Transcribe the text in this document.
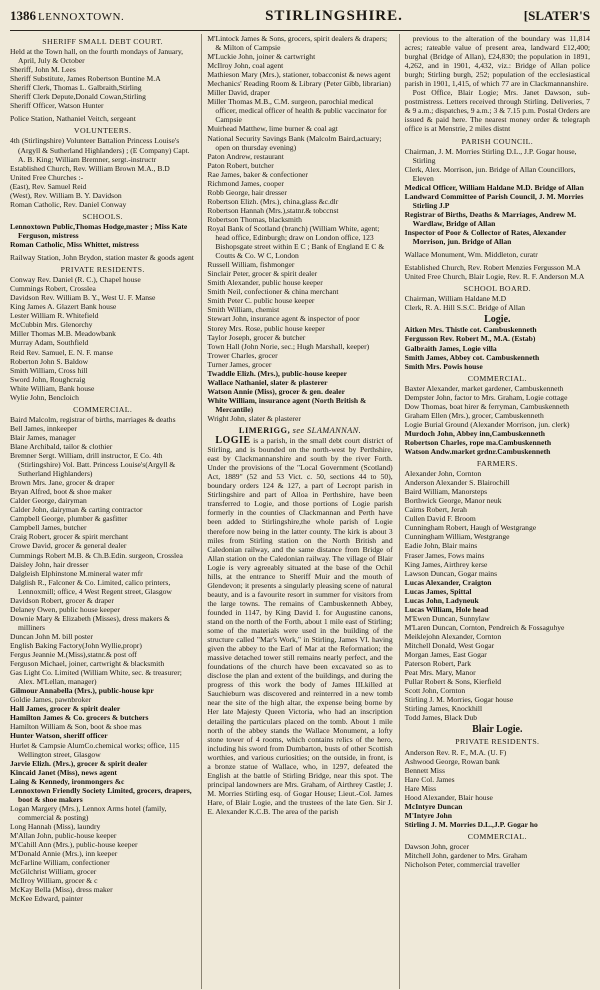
1386 LENNOXTOWN.	STIRLINGSHIRE.	[SLATER'S
SHERIFF SMALL DEBT COURT.
Held at the Town hall, on the fourth mondays of January, April, July & October
Sheriff, John M. Lees
Sheriff Substitute, James Robertson Buntine M.A
Sheriff Clerk, Thomas L. Galbraith,Stirling
Sheriff Clerk Depute,Donald Cowan,Stirling
Sheriff Officer, Watson Hunter
Police Station, Nathaniel Veitch, sergeant
VOLUNTEERS.
4th (Stirlingshire) Volunteer Battalion Princess Louise's (Argyll & Sutherland Highlanders) ; (E Company) Capt. A. B. King; William Bremner, sergt.-instructr
Established Church, Rev. William Brown M.A., B.D
United Free Churches :-
(East), Rev. Samuel Reid
(West), Rev. William B. Y. Davidson
Roman Catholic, Rev. Daniel Conway
SCHOOLS.
Lennoxtown Public,Thomas Hodge,master ; Miss Kate Ferguson, mistress
Roman Catholic, Miss Whittet, mistress
Railway Station, John Brydon, station master & goods agent
PRIVATE RESIDENTS.
Conway Rev. Daniel (R. C.), Chapel house
Cummings Robert, Crosslea
Davidson Rev. William B. Y., West U. F. Manse
King James A. Glazert Bank house
Lester William R. Whitefield
McCubbin Mrs. Glenorchy
Miller Thomas M.B. Meadowbank
Murray Adam, Southfield
Reid Rev. Samuel, E. N. F. manse
Roberton John S. Baldow
Smith William, Cross hill
Sword John, Roughcraig
White William, Bank house
Wylie John, Bencloich
COMMERCIAL.
Baird Malcolm, registrar of births, marriages & deaths
Bell James, innkeeper
Blair James, manager
Blane Archibald, tailor & clothier
Bremner Sergt. William, drill instructor, E Co. 4th (Stirlingshire) Vol. Batt. Princess Louise's(Argyll & Sutherland Highlanders)
Brown Mrs. Jane, grocer & draper
Bryan Alfred, boot & shoe maker
Calder George, dairyman
Calder John, dairyman & carting contractor
Campbell George, plumber & gasfitter
Campbell James, butcher
Craig Robert, grocer & spirit merchant
Crowe David, grocer & general dealer
Cummings Robert M.B. & Ch.B.Edin. surgeon, Crosslea
Daisley John, hair dresser
Dalgleish Elphinstone M.mineral water mfr
Dalglish R., Falconer & Co. Limited, calico printers, Lennoxmill; office, 4 West Regent street, Glasgow
Davidson Robert, grocer & draper
Delaney Owen, public house keeper
Downie Mary & Elizabeth (Misses), dress makers & milliners
Duncan John M. bill poster
English Baking Factory(John Wyllie,propr)
Fergus Jeannie M.(Miss),statnr.& post off
Ferguson Michael, joiner, cartwright & blacksmith
Gas Light Co. Limited (William White, sec. & treasurer; Alex. M'Lellan, manager)
Gilmour Annabella (Mrs.), public-house kpr
Goldie James, pawnbroker
Hall James, grocer & spirit dealer
Hamilton James & Co. grocers & butchers
Hamilton William & Son, boot & shoe mas
Hunter Watson, sheriff officer
Hurlet & Campsie AlumCo.chemical works; office, 115 Wellington street, Glasgow
Jarvie Elizh. (Mrs.), grocer & spirit dealer
Kincaid Janet (Miss), news agent
Laing & Kennedy, ironmongers &c
Lennoxtown Friendly Society Limited, grocers, drapers, boot & shoe makers
Logan Margery (Mrs.), Lennox Arms hotel (family, commercial & posting)
Long Hannah (Miss), laundry
M'Allan John, public-house keeper
M'Cahill Ann (Mrs.), public-house keeper
M'Donald Annie (Mrs.), inn keeper
McFarline William, confectioner
McGilchrist William, grocer
McIlroy William, grocer & c
McKay Bella (Miss), dress maker
McKee Edward, painter
M'Lintock James & Sons, grocers, spirit dealers & drapers; & Milton of Campsie
M'Luckie John, joiner & cartwright
McIlroy John, coal agent
Mathieson Mary (Mrs.), stationer, tobacconist & news agent
Mechanics' Reading Room & Library (Peter Gibb, librarian)
Miller David, draper
Miller Thomas M.B., C.M. surgeon, parochial medical officer, medical officer of health & public vaccinator for Campsie
Muirhead Matthew, lime burner & coal agt
National Security Savings Bank (Malcolm Baird,actuary; open on thursday evening)
Paton Andrew, restaurant
Paton Robert, butcher
Rae James, baker & confectioner
Richmond James, cooper
Robb George, hair dresser
Robertson Elizh. (Mrs.), china,glass &c.dlr
Robertson Hannah (Mrs.),statnr.& tobccnst
Robertson Thomas, blacksmith
Royal Bank of Scotland (branch) (William White, agent; head office, Edinburgh; draw on London office, 123 Bishopsgate street within E C ; Bank of England E C & Coutts & Co. W C, London
Russell William, fishmonger
Sinclair Peter, grocer & spirit dealer
Smith Alexander, public house keeper
Smith Neil, confectioner & china merchant
Smith Peter C. public house keeper
Smith William, chemist
Stewart John, insurance agent & inspector of poor
Storey Mrs. Rose, public house keeper
Taylor Joseph, grocer & butcher
Town Hall (John Norie, sec.; Hugh Marshall, keeper)
Trower Charles, grocer
Turner James, grocer
Twaddle Elizh. (Mrs.), public-house keeper
Wallace Nathaniel, slater & plasterer
Watson Annie (Miss), grocer & gen. dealer
White William, insurance agent (North British & Mercantile)
Wright John, slater & plasterer
LIMERIGG, see SLAMANNAN.
LOGIE is a parish, in the small debt court district of Stirling, and is bounded on the north-west by Perthshire, east by Clackmannanshire and south by the river Forth. Under the provisions of the "Local Government (Scotland) Act, 1889" (52 and 53 Vict. c. 50, sections 44 to 50), boundary orders 124 & 127, a part of Lecropt parish in Stirlingshire and part of Alloa in Perthshire, have been transferred to Logie, and those portions of Logie parish formerly in the counties of Clackmannan and Perth have been added to Stirlingshire,the whole parish of Logie therefore now being in the latter county. The kirk is about 3 miles from Stirling station on the North British and Caledonian railway, and the same distance from Bridge of Allan station on the Caledonian railway. The village of Blair Logie is very agreeably situated at the base of the Ochil hills, at the entrance to Sheriff Muir and the mouth of Glendevon; it presents a singularly pleasing scene of natural beauty, and is a favourite resort in summer for visitors from the large towns. The remains of Cambuskenneth Abbey, founded in 1147, by King David I. for Augustine canons, stand on the north of the Forth, about 1 mile east of Stirling; some of the materials were used in the building of the structure called "Mar's Work," in Stirling, James VI. having given the abbey to the Earl of Mar at the Reformation; the massive detached tower still remains nearly perfect, and the foundations of the church have been excavated so as to disclose the plan and extent of the buildings, and during the progress of this work the body of James III.killed at Sauchieburn was discovered and reinterred in a new tomb near the site of the high altar, the expense being borne by Her late Majesty Queen Victoria, who had an inscription detailing the particulars placed on the tomb. About 1 mile north of the abbey stands the Wallace Monument, a lofty stone tower of 4 rooms, which contains relics of the hero, including his sword from Dumbarton, busts of other Scottish worthies, and various curiosities; on the outside, in front, is a bronze statue of Wallace, who, in 1297, defeated the English at the battle of Stirling Bridge, near this spot. The principal landowners are Mrs. Graham, of Airthrey Castle; J. M. Morries Stirling esq. of Gogar House; Lieut.-Col. James Hare, of Blair Logie, and the trustees of the late Gen. Sir J. E. Alexander K.C.B. The area of the parish
previous to the alteration of the boundary was 11,814 acres; rateable value of present area, landward £12,400; burghal (Bridge of Allan), £24,830; the population in 1891, 4,262, and in 1901, 4,432, viz.: Bridge of Allan police burgh; Stirling burgh, 252; population of the ecclesiastical parish in 1901, 1,415, of which 77 are in Clackmannanshire.
Post Office, Blair Logie; Mrs. Janet Dawson, sub-postmistress. Letters received through Stirling. Deliveries, 7 & 9 a.m.; dispatches, 9 a.m.; 3 & 7.15 p.m. Postal Orders are issued & paid here. The nearest money order & telegraph office is at Menstrie, 2 miles distnt
PARISH COUNCIL.
Chairman, J. M. Morries Stirling D.L., J.P. Gogar house, Stirling
Clerk, Alex. Morrison, jun. Bridge of Allan Councillors, Eleven
Medical Officer, William Haldane M.D. Bridge of Allan
Landward Committee of Parish Council, J. M. Morries Stirling J.P
Registrar of Births, Deaths & Marriages, Andrew M. Wardlaw, Bridge of Allan
Inspector of Poor & Collector of Rates, Alexander Morrison, jun. Bridge of Allan
Wallace Monument, Wm. Middleton, curatr
Established Church, Rev. Robert Menzies Fergusson M.A
United Free Church, Blair Logie, Rev. R. F. Anderson M.A
SCHOOL BOARD.
Chairman, William Haldane M.D
Clerk, R. A. Hill S.S.C. Bridge of Allan
Logie.
Aitken Mrs. Thistle cot. Cambuskenneth
Fergusson Rev. Robert M., M.A. (Estab)
Galbraith James, Logie villa
Smith James, Abbey cot. Cambuskenneth
Smith Mrs. Powis house
COMMERCIAL.
Baxter Alexander, market gardener, Cambuskenneth
Dempster John, factor to Mrs. Graham, Logie cottage
Dow Thomas, boat hirer & ferryman, Cambuskenneth
Graham Ellen (Mrs.), grocer, Cambuskenneth
Logie Burial Ground (Alexander Morrison, jun. clerk)
Murdoch John, Abbey inn,Cambuskenneth
Robertson Charles, rope ma.Cambuskenneth
Watson Andw.market grdnr.Cambuskenneth
FARMERS.
Alexander John, Cornton
Anderson Alexander S. Blairochill
Baird William, Manorsteps
Borthwick George, Manor neuk
Cairns Robert, Jerah
Cullen David F. Broom
Cunningham Robert, Haugh of Westgrange
Cunningham William, Westgrange
Eadie John, Blair mains
Fraser James, Fows mains
King James, Airthrey kerse
Lawson Duncan, Gogar mains
Lucas Alexander, Craigton
Lucas James, Spittal
Lucas John, Ladyneuk
Lucas William, Hole head
M'Ewen Duncan, Sunnylaw
M'Laren Duncan, Cornton, Pendreich & Fossaguhye
Meiklejohn Alexander, Cornton
Mitchell Donald, West Gogar
Morgan James, East Gogar
Paterson Robert, Park
Peat Mrs. Mary, Manor
Pullar Robert & Sons, Kierfield
Scott John, Cornton
Stirling J. M. Morries, Gogar house
Stirling James, Knockhill
Todd James, Black Dub
Blair Logie.
PRIVATE RESIDENTS.
Anderson Rev. R. F., M.A. (U. F)
Ashwood George, Rowan bank
Bennett Miss
Hare Col. James
Hare Miss
Hood Alexander, Blair house
McIntyre Duncan
M'Intyre John
Stirling J. M. Morries D.L.,J.P. Gogar ho
COMMERCIAL.
Dawson John, grocer
Mitchell John, gardener to Mrs. Graham
Nicholson Peter, commercial traveller
